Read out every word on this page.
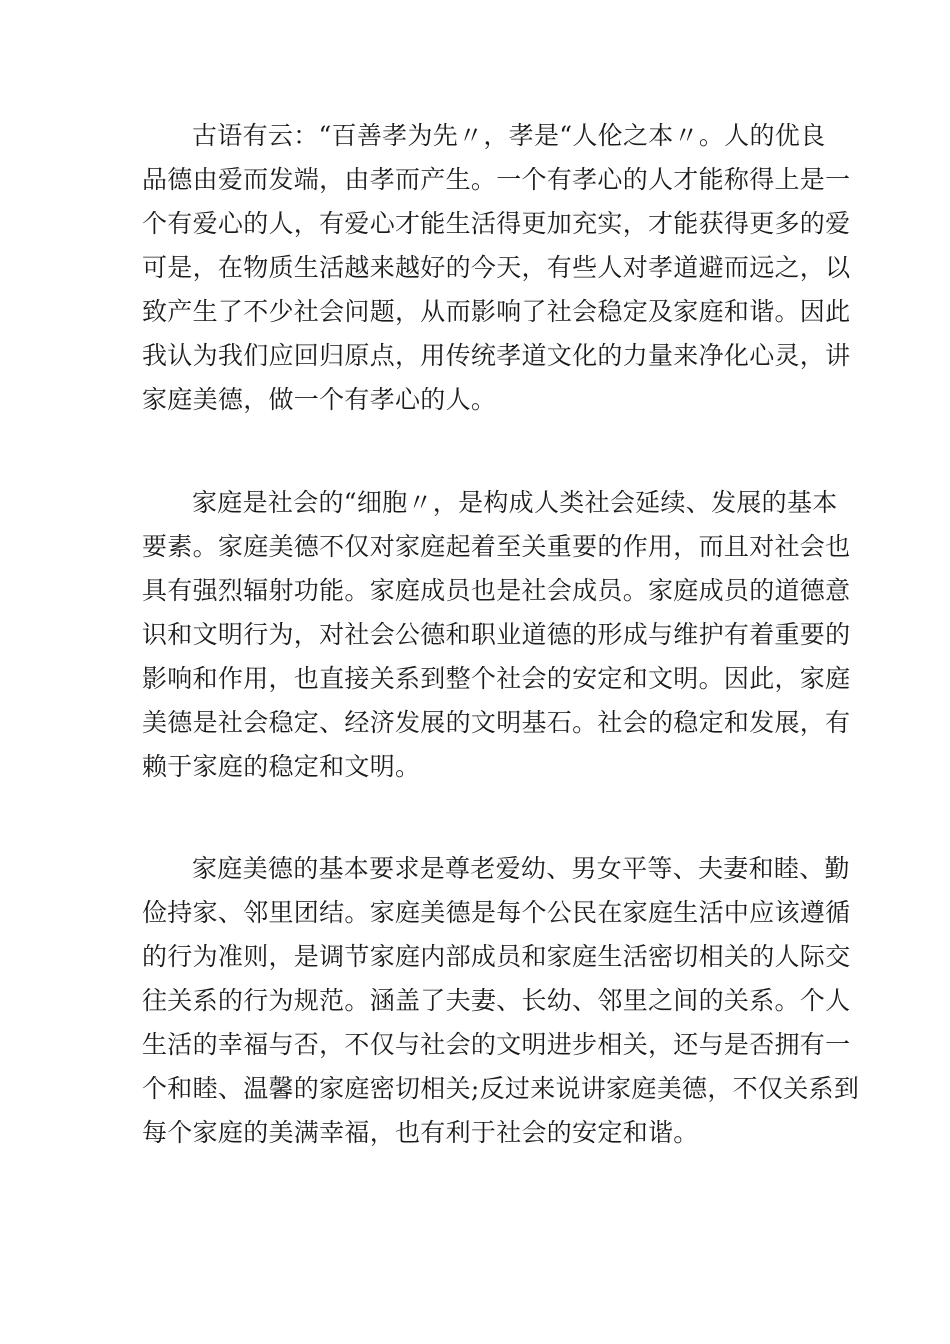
古语有云：“百善孝为先〃，孝是“人伦之本〃。人的优良
品德由爱而发端，由孝而产生。一个有孝心的人才能称得上是一
个有爱心的人，有爱心才能生活得更加充实，才能获得更多的爱
可是，在物质生活越来越好的今天，有些人对孝道避而远之，以
致产生了不少社会问题，从而影响了社会稳定及家庭和谐。因此
我认为我们应回归原点，用传统孝道文化的力量来净化心灵，讲
家庭美德，做一个有孝心的人。

家庭是社会的“细胞〃，是构成人类社会延续、发展的基本
要素。家庭美德不仅对家庭起着至关重要的作用，而且对社会也
具有强烈辐射功能。家庭成员也是社会成员。家庭成员的道德意
识和文明行为，对社会公德和职业道德的形成与维护有着重要的
影响和作用，也直接关系到整个社会的安定和文明。因此，家庭
美德是社会稳定、经济发展的文明基石。社会的稳定和发展，有
赖于家庭的稳定和文明。

家庭美德的基本要求是尊老爱幼、男女平等、夫妻和睦、勤
俭持家、邻里团结。家庭美德是每个公民在家庭生活中应该遵循
的行为准则，是调节家庭内部成员和家庭生活密切相关的人际交
往关系的行为规范。涵盖了夫妻、长幼、邻里之间的关系。个人
生活的幸福与否，不仅与社会的文明进步相关，还与是否拥有一
个和睦、温馨的家庭密切相关;反过来说讲家庭美德，不仅关系到
每个家庭的美满幸福，也有利于社会的安定和谐。
